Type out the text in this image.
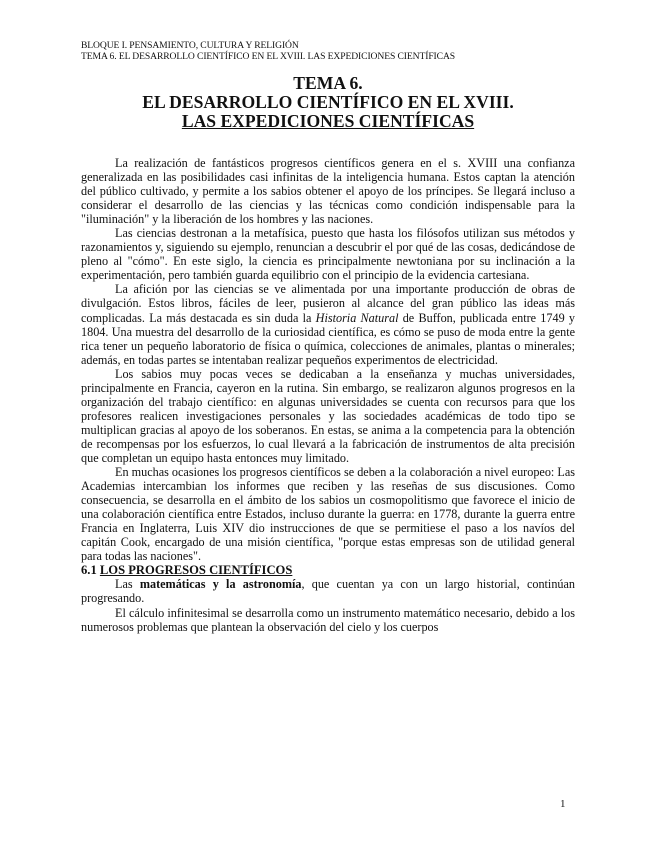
BLOQUE I. PENSAMIENTO, CULTURA Y RELIGIÓN
TEMA 6. EL DESARROLLO CIENTÍFICO EN EL XVIII. LAS EXPEDICIONES CIENTÍFICAS
TEMA 6.
EL DESARROLLO CIENTÍFICO EN EL XVIII.
LAS EXPEDICIONES CIENTÍFICAS

La realización de fantásticos progresos científicos genera en el s. XVIII una confianza generalizada en las posibilidades casi infinitas de la inteligencia humana. Estos captan la atención del público cultivado, y permite a los sabios obtener el apoyo de los príncipes. Se llegará incluso a considerar el desarrollo de las ciencias y las técnicas como condición indispensable para la "iluminación" y la liberación de los hombres y las naciones.

Las ciencias destronan a la metafísica, puesto que hasta los filósofos utilizan sus métodos y razonamientos y, siguiendo su ejemplo, renuncian a descubrir el por qué de las cosas, dedicándose de pleno al "cómo". En este siglo, la ciencia es principalmente newtoniana por su inclinación a la experimentación, pero también guarda equilibrio con el principio de la evidencia cartesiana.

La afición por las ciencias se ve alimentada por una importante producción de obras de divulgación. Estos libros, fáciles de leer, pusieron al alcance del gran público las ideas más complicadas. La más destacada es sin duda la Historia Natural de Buffon, publicada entre 1749 y 1804. Una muestra del desarrollo de la curiosidad científica, es cómo se puso de moda entre la gente rica tener un pequeño laboratorio de física o química, colecciones de animales, plantas o minerales; además, en todas partes se intentaban realizar pequeños experimentos de electricidad.

Los sabios muy pocas veces se dedicaban a la enseñanza y muchas universidades, principalmente en Francia, cayeron en la rutina. Sin embargo, se realizaron algunos progresos en la organización del trabajo científico: en algunas universidades se cuenta con recursos para que los profesores realicen investigaciones personales y las sociedades académicas de todo tipo se multiplican gracias al apoyo de los soberanos. En estas, se anima a la competencia para la obtención de recompensas por los esfuerzos, lo cual llevará a la fabricación de instrumentos de alta precisión que completan un equipo hasta entonces muy limitado.

En muchas ocasiones los progresos científicos se deben a la colaboración a nivel europeo: Las Academias intercambian los informes que reciben y las reseñas de sus discusiones. Como consecuencia, se desarrolla en el ámbito de los sabios un cosmopolitismo que favorece el inicio de una colaboración científica entre Estados, incluso durante la guerra: en 1778, durante la guerra entre Francia en Inglaterra, Luis XIV dio instrucciones de que se permitiese el paso a los navíos del capitán Cook, encargado de una misión científica, "porque estas empresas son de utilidad general para todas las naciones".

6.1 LOS PROGRESOS CIENTÍFICOS

Las matemáticas y la astronomía, que cuentan ya con un largo historial, continúan progresando.

El cálculo infinitesimal se desarrolla como un instrumento matemático necesario, debido a los numerosos problemas que plantean la observación del cielo y los cuerpos

1
